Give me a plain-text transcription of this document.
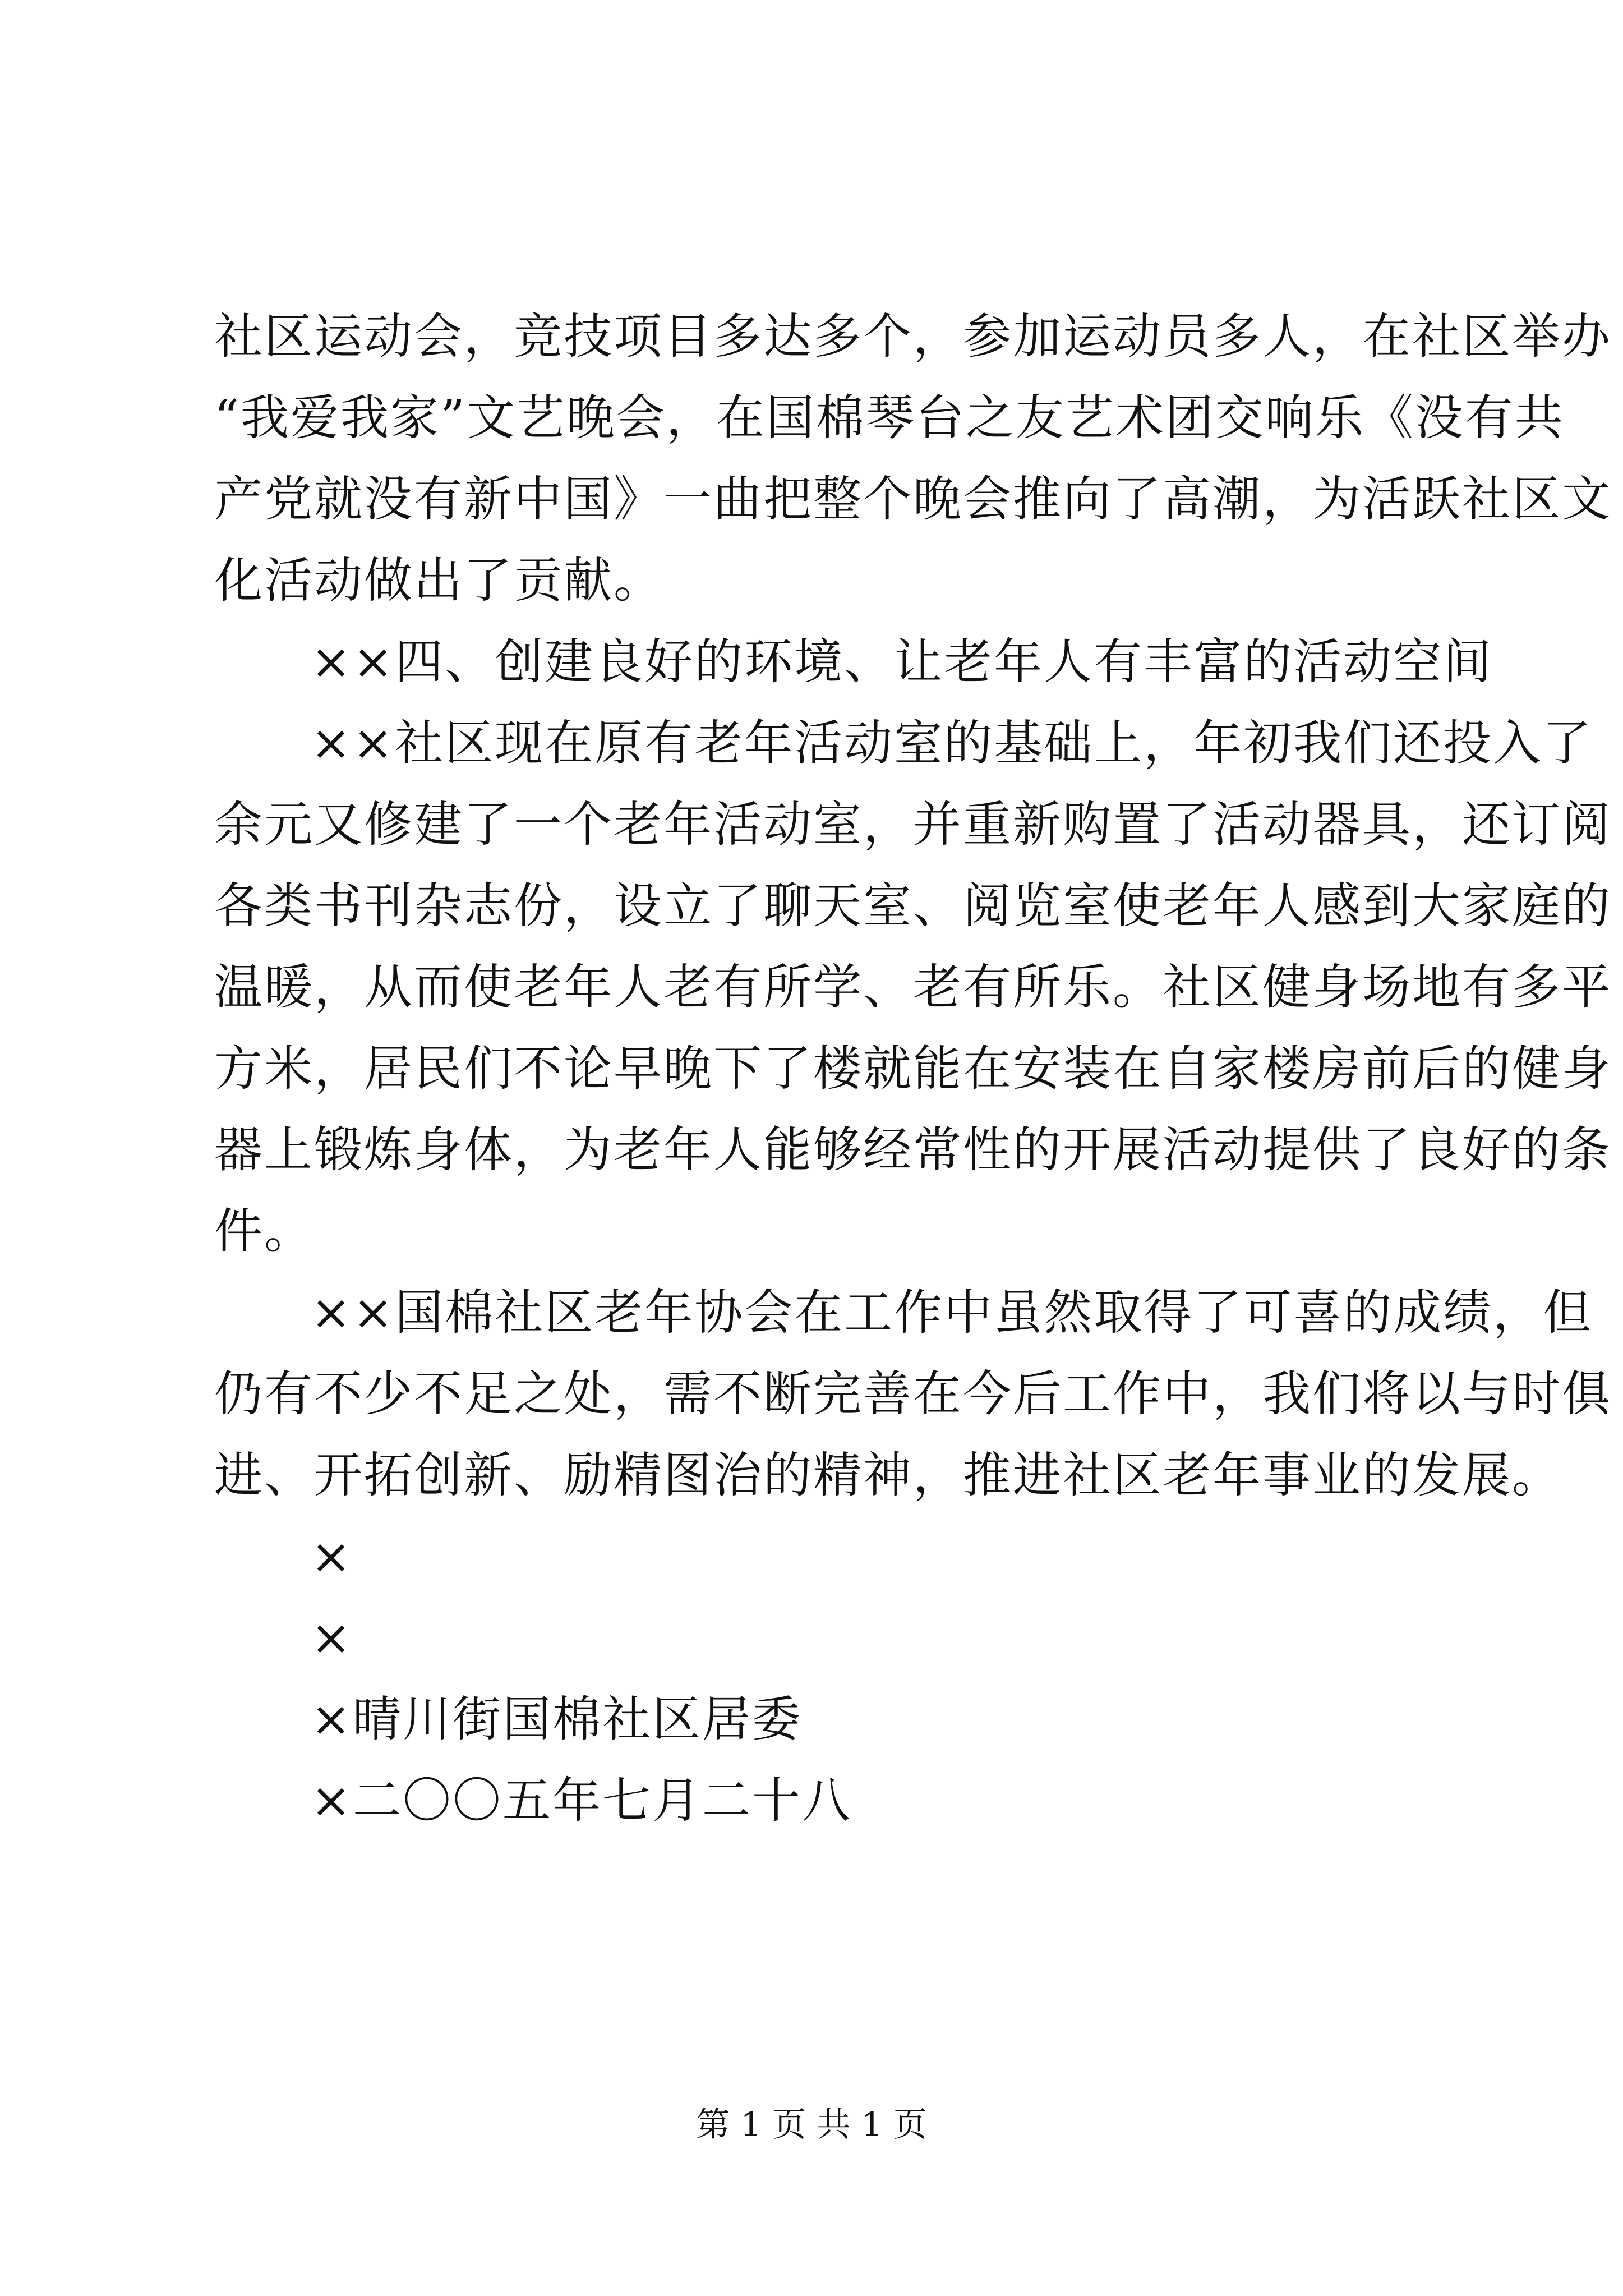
社区运动会，竞技项目多达多个，参加运动员多人，在社区举办
“我爱我家”文艺晚会，在国棉琴台之友艺术团交响乐《没有共
产党就没有新中国》一曲把整个晚会推向了高潮，为活跃社区文
化活动做出了贡献。
××四、创建良好的环境、让老年人有丰富的活动空间
××社区现在原有老年活动室的基础上，年初我们还投入了
余元又修建了一个老年活动室，并重新购置了活动器具，还订阅
各类书刊杂志份，设立了聊天室、阅览室使老年人感到大家庭的
温暖，从而使老年人老有所学、老有所乐。社区健身场地有多平
方米，居民们不论早晚下了楼就能在安装在自家楼房前后的健身
器上锻炼身体，为老年人能够经常性的开展活动提供了良好的条
件。
××国棉社区老年协会在工作中虽然取得了可喜的成绩，但
仍有不少不足之处，需不断完善在今后工作中，我们将以与时俱
进、开拓创新、励精图治的精神，推进社区老年事业的发展。
×
×
×晴川街国棉社区居委
×二〇〇五年七月二十八
第 1 页 共 1 页
